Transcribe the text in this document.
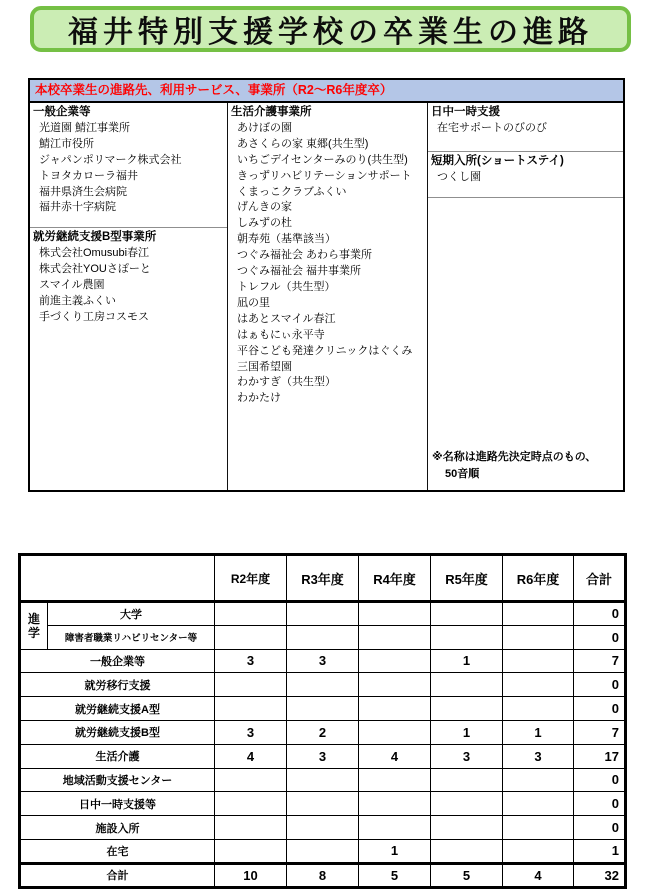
福井特別支援学校の卒業生の進路
本校卒業生の進路先、利用サービス、事業所（R2～R6年度卒）
一般企業等
光道園 鯖江事業所
鯖江市役所
ジャパンポリマーク株式会社
トヨタカローラ福井
福井県済生会病院
福井赤十字病院
就労継続支援B型事業所
株式会社Omusubi春江
株式会社YOUさぽーと
スマイル農園
前進主義ふくい
手づくり工房コスモス
生活介護事業所
あけぼの園
あさくらの家 東郷(共生型)
いちごデイセンターみのり(共生型)
きっずリハビリテーションサポート
くまっこクラブふくい
げんきの家
しみずの杜
朝寿苑（基準該当）
つぐみ福祉会 あわら事業所
つぐみ福祉会 福井事業所
トレフル（共生型）
凪の里
はあとスマイル春江
はぁもにぃ永平寺
平谷こども発達クリニックはぐくみ
三国希望園
わかすぎ（共生型）
わかたけ
日中一時支援
在宅サポートのびのび
短期入所(ショートステイ)
つくし園
※名称は進路先決定時点のもの、
50音順
		R2年度	R3年度	R4年度	R5年度	R6年度	合計

進学	大学						0
	障害者職業リハビリセンター等						0
一般企業等		3	3		1		7
就労移行支援							0
就労継続支援A型							0
就労継続支援B型		3	2		1	1	7
生活介護		4	3	4	3	3	17
地域活動支援センター							0
日中一時支援等							0
施設入所							0
在宅				1			1
合計		10	8	5	5	4	32
